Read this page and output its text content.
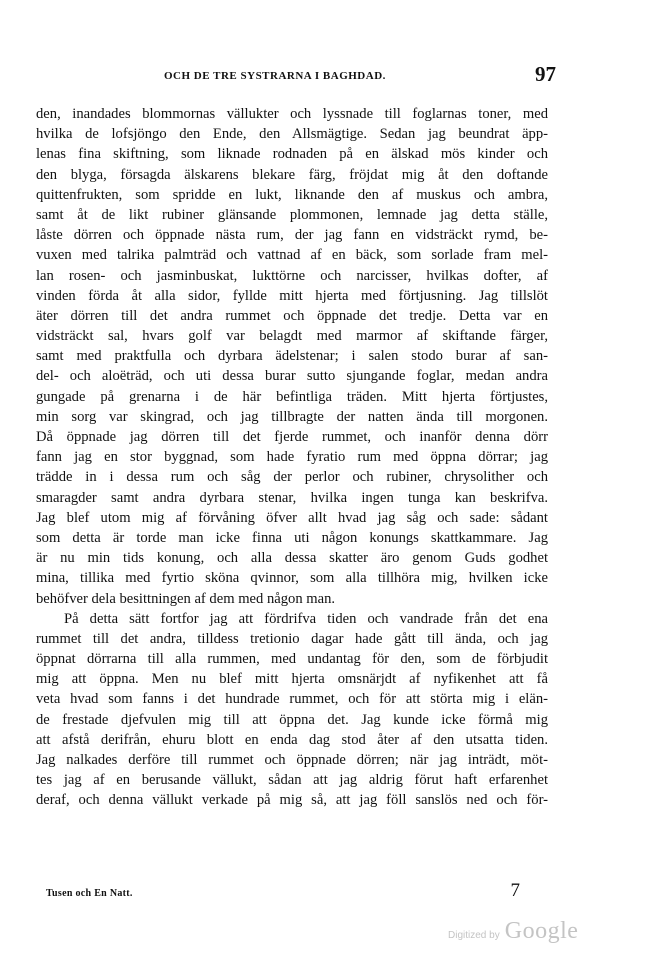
OCH DE TRE SYSTRARNA I BAGHDAD.	97
den, inandades blommornas vällukter och lyssnade till foglarnas toner, med
hvilka de lofsjöngo den Ende, den Allsmägtige. Sedan jag beundrat äpp-
lenas fina skiftning, som liknade rodnaden på en älskad mös kinder och
den blyga, försagda älskarens blekare färg, fröjdat mig åt den doftande
quittenfrukten, som spridde en lukt, liknande den af muskus och ambra,
samt åt de likt rubiner glänsande plommonen, lemnade jag detta ställe,
låste dörren och öppnade nästa rum, der jag fann en vidsträckt rymd, be-
vuxen med talrika palmträd och vattnad af en bäck, som sorlade fram mel-
lan rosen- och jasminbuskat, lukttörne och narcisser, hvilkas dofter, af
vinden förda åt alla sidor, fyllde mitt hjerta med förtjusning. Jag tillslöt
äter dörren till det andra rummet och öppnade det tredje. Detta var en
vidsträckt sal, hvars golf var belagdt med marmor af skiftande färger,
samt med praktfulla och dyrbara ädelstenar; i salen stodo burar af san-
del- och aloëträd, och uti dessa burar sutto sjungande foglar, medan andra
gungade på grenarna i de här befintliga träden. Mitt hjerta förtjustes,
min sorg var skingrad, och jag tillbragte der natten ända till morgonen.
Då öppnade jag dörren till det fjerde rummet, och inanför denna dörr
fann jag en stor byggnad, som hade fyratio rum med öppna dörrar; jag
trädde in i dessa rum och såg der perlor och rubiner, chrysolither och
smaragder samt andra dyrbara stenar, hvilka ingen tunga kan beskrifva.
Jag blef utom mig af förvåning öfver allt hvad jag såg och sade: sådant
som detta är torde man icke finna uti någon konungs skattkammare. Jag
är nu min tids konung, och alla dessa skatter äro genom Guds godhet
mina, tillika med fyrtio sköna qvinnor, som alla tillhöra mig, hvilken icke
behöfver dela besittningen af dem med någon man.
På detta sätt fortfor jag att fördrifva tiden och vandrade från det ena
rummet till det andra, tilldess tretionio dagar hade gått till ända, och jag
öppnat dörrarna till alla rummen, med undantag för den, som de förbjudit
mig att öppna. Men nu blef mitt hjerta omsnärjdt af nyfikenhet att få
veta hvad som fanns i det hundrade rummet, och för att störta mig i elän-
de frestade djefvulen mig till att öppna det. Jag kunde icke förmå mig
att afstå derifrån, ehuru blott en enda dag stod åter af den utsatta tiden.
Jag nalkades derföre till rummet och öppnade dörren; när jag inträdt, möt-
tes jag af en berusande vällukt, sådan att jag aldrig förut haft erfarenhet
deraf, och denna vällukt verkade på mig så, att jag föll sanslös ned och för-
Tusen och En Natt.	7
Digitized by Google
